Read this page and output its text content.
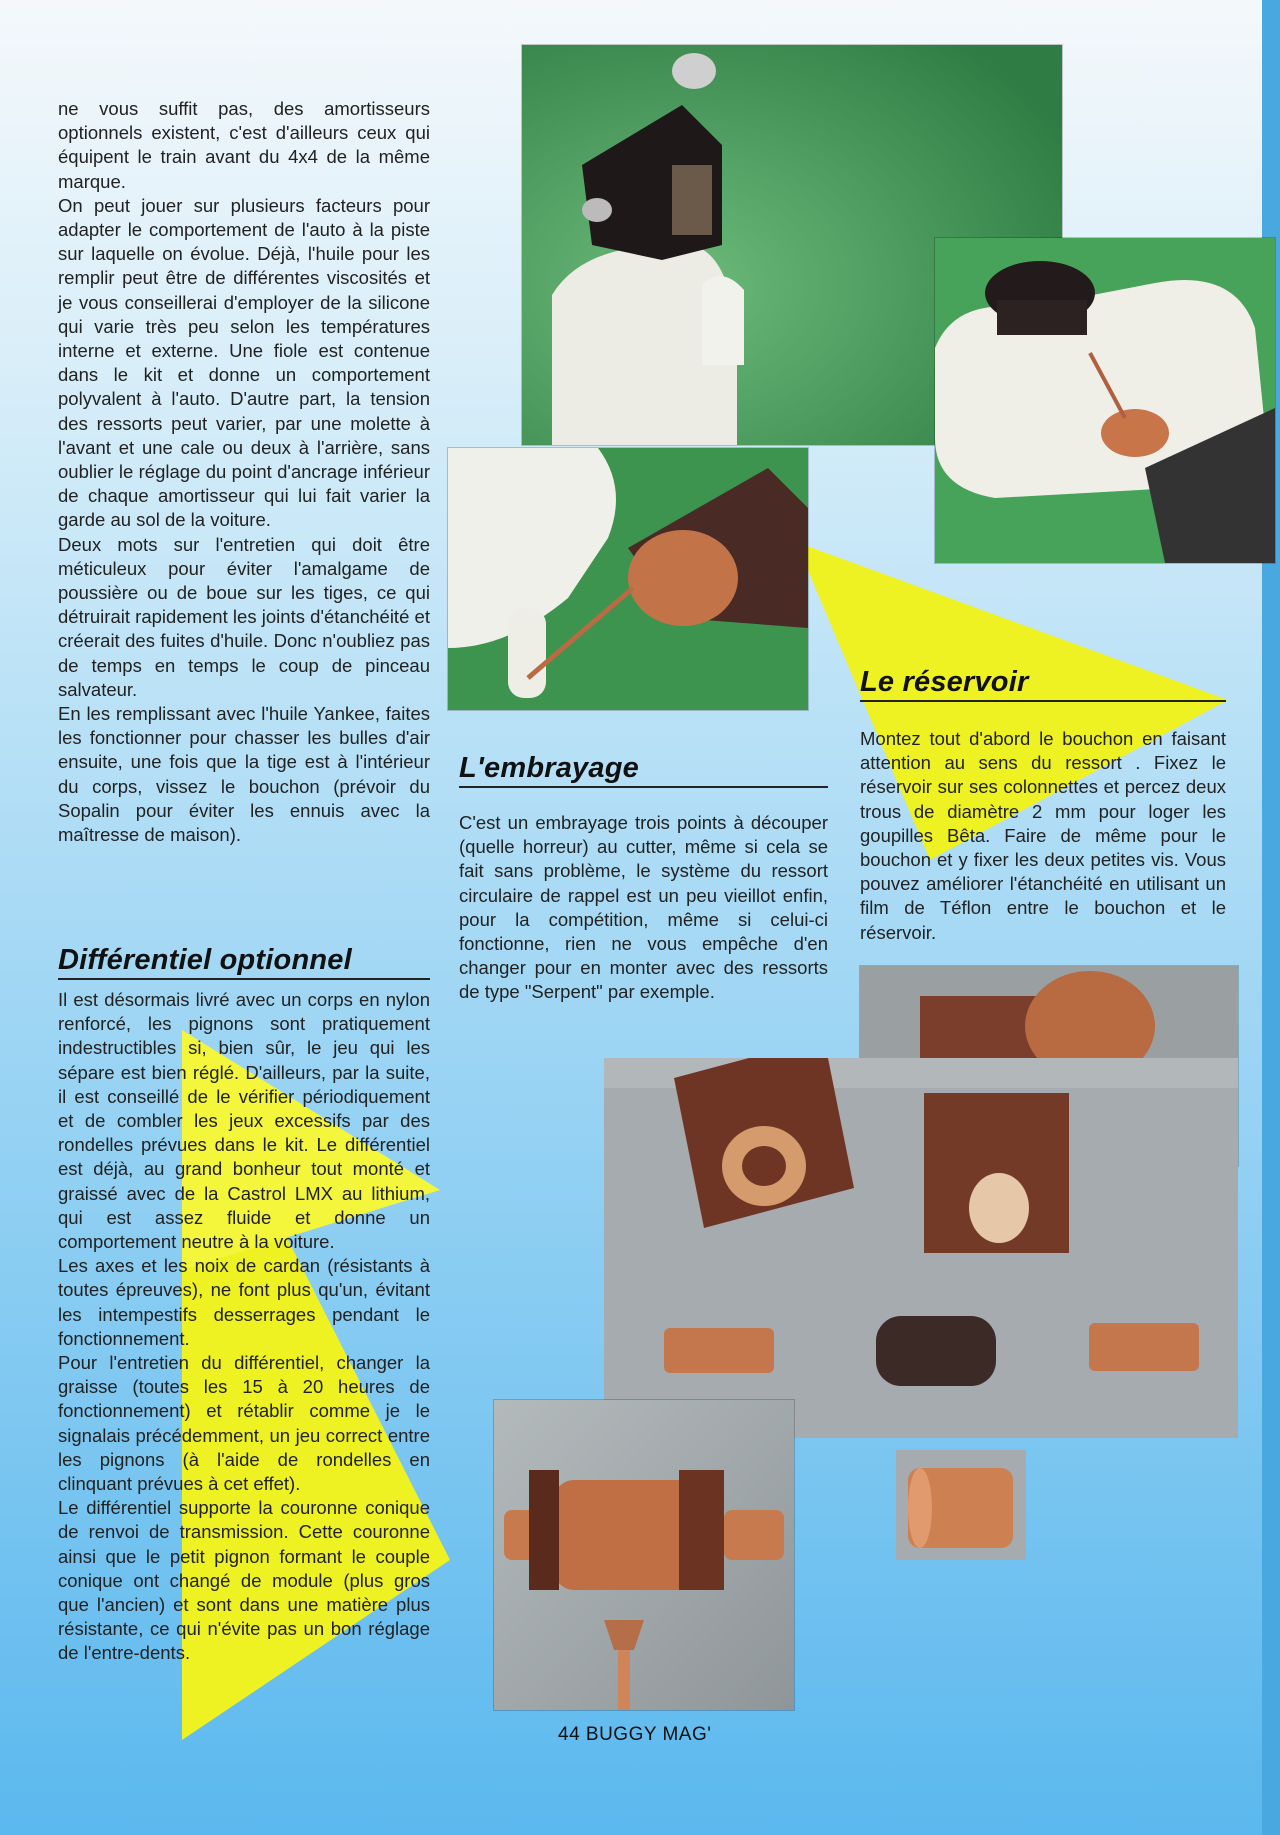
ne vous suffit pas, des amortisseurs optionnels existent, c'est d'ailleurs ceux qui équipent le train avant du 4x4 de la même marque.

On peut jouer sur plusieurs facteurs pour adapter le comportement de l'auto à la piste sur laquelle on évolue. Déjà, l'huile pour les remplir peut être de différentes viscosités et je vous conseillerai d'employer de la silicone qui varie très peu selon les températures interne et externe. Une fiole est contenue dans le kit et donne un comportement polyvalent à l'auto. D'autre part, la tension des ressorts peut varier, par une molette à l'avant et une cale ou deux à l'arrière, sans oublier le réglage du point d'ancrage inférieur de chaque amortisseur qui lui fait varier la garde au sol de la voiture.

Deux mots sur l'entretien qui doit être méticuleux pour éviter l'amalgame de poussière ou de boue sur les tiges, ce qui détruirait rapidement les joints d'étanchéité et créerait des fuites d'huile. Donc n'oubliez pas de temps en temps le coup de pinceau salvateur.

En les remplissant avec l'huile Yankee, faites les fonctionner pour chasser les bulles d'air ensuite, une fois que la tige est à l'intérieur du corps, vissez le bouchon (prévoir du Sopalin pour éviter les ennuis avec la maîtresse de maison).

Différentiel optionnel

Il est désormais livré avec un corps en nylon renforcé, les pignons sont pratiquement indestructibles si, bien sûr, le jeu qui les sépare est bien réglé. D'ailleurs, par la suite, il est conseillé de le vérifier périodiquement et de combler les jeux excessifs par des rondelles prévues dans le kit. Le différentiel est déjà, au grand bonheur tout monté et graissé avec de la Castrol LMX au lithium, qui est assez fluide et donne un comportement neutre à la voiture.

Les axes et les noix de cardan (résistants à toutes épreuves), ne font plus qu'un, évitant les intempestifs desserrages pendant le fonctionnement.

Pour l'entretien du différentiel, changer la graisse (toutes les 15 à 20 heures de fonctionnement) et rétablir comme je le signalais précédemment, un jeu correct entre les pignons (à l'aide de rondelles en clinquant prévues à cet effet).

Le différentiel supporte la couronne conique de renvoi de transmission. Cette couronne ainsi que le petit pignon formant le couple conique ont changé de module (plus gros que l'ancien) et sont dans une matière plus résistante, ce qui n'évite pas un bon réglage de l'entre-dents.

L'embrayage

C'est un embrayage trois points à découper (quelle horreur) au cutter, même si cela se fait sans problème, le système du ressort circulaire de rappel est un peu vieillot enfin, pour la compétition, même si celui-ci fonctionne, rien ne vous empêche d'en changer pour en monter avec des ressorts de type "Serpent" par exemple.

Le réservoir

Montez tout d'abord le bouchon en faisant attention au sens du ressort . Fixez le réservoir sur ses colonnettes et percez deux trous de diamètre 2 mm pour loger les goupilles Bêta. Faire de même pour le bouchon et y fixer les deux petites vis. Vous pouvez améliorer l'étanchéité en utilisant un film de Téflon entre le bouchon et le réservoir.

44 BUGGY MAG'
